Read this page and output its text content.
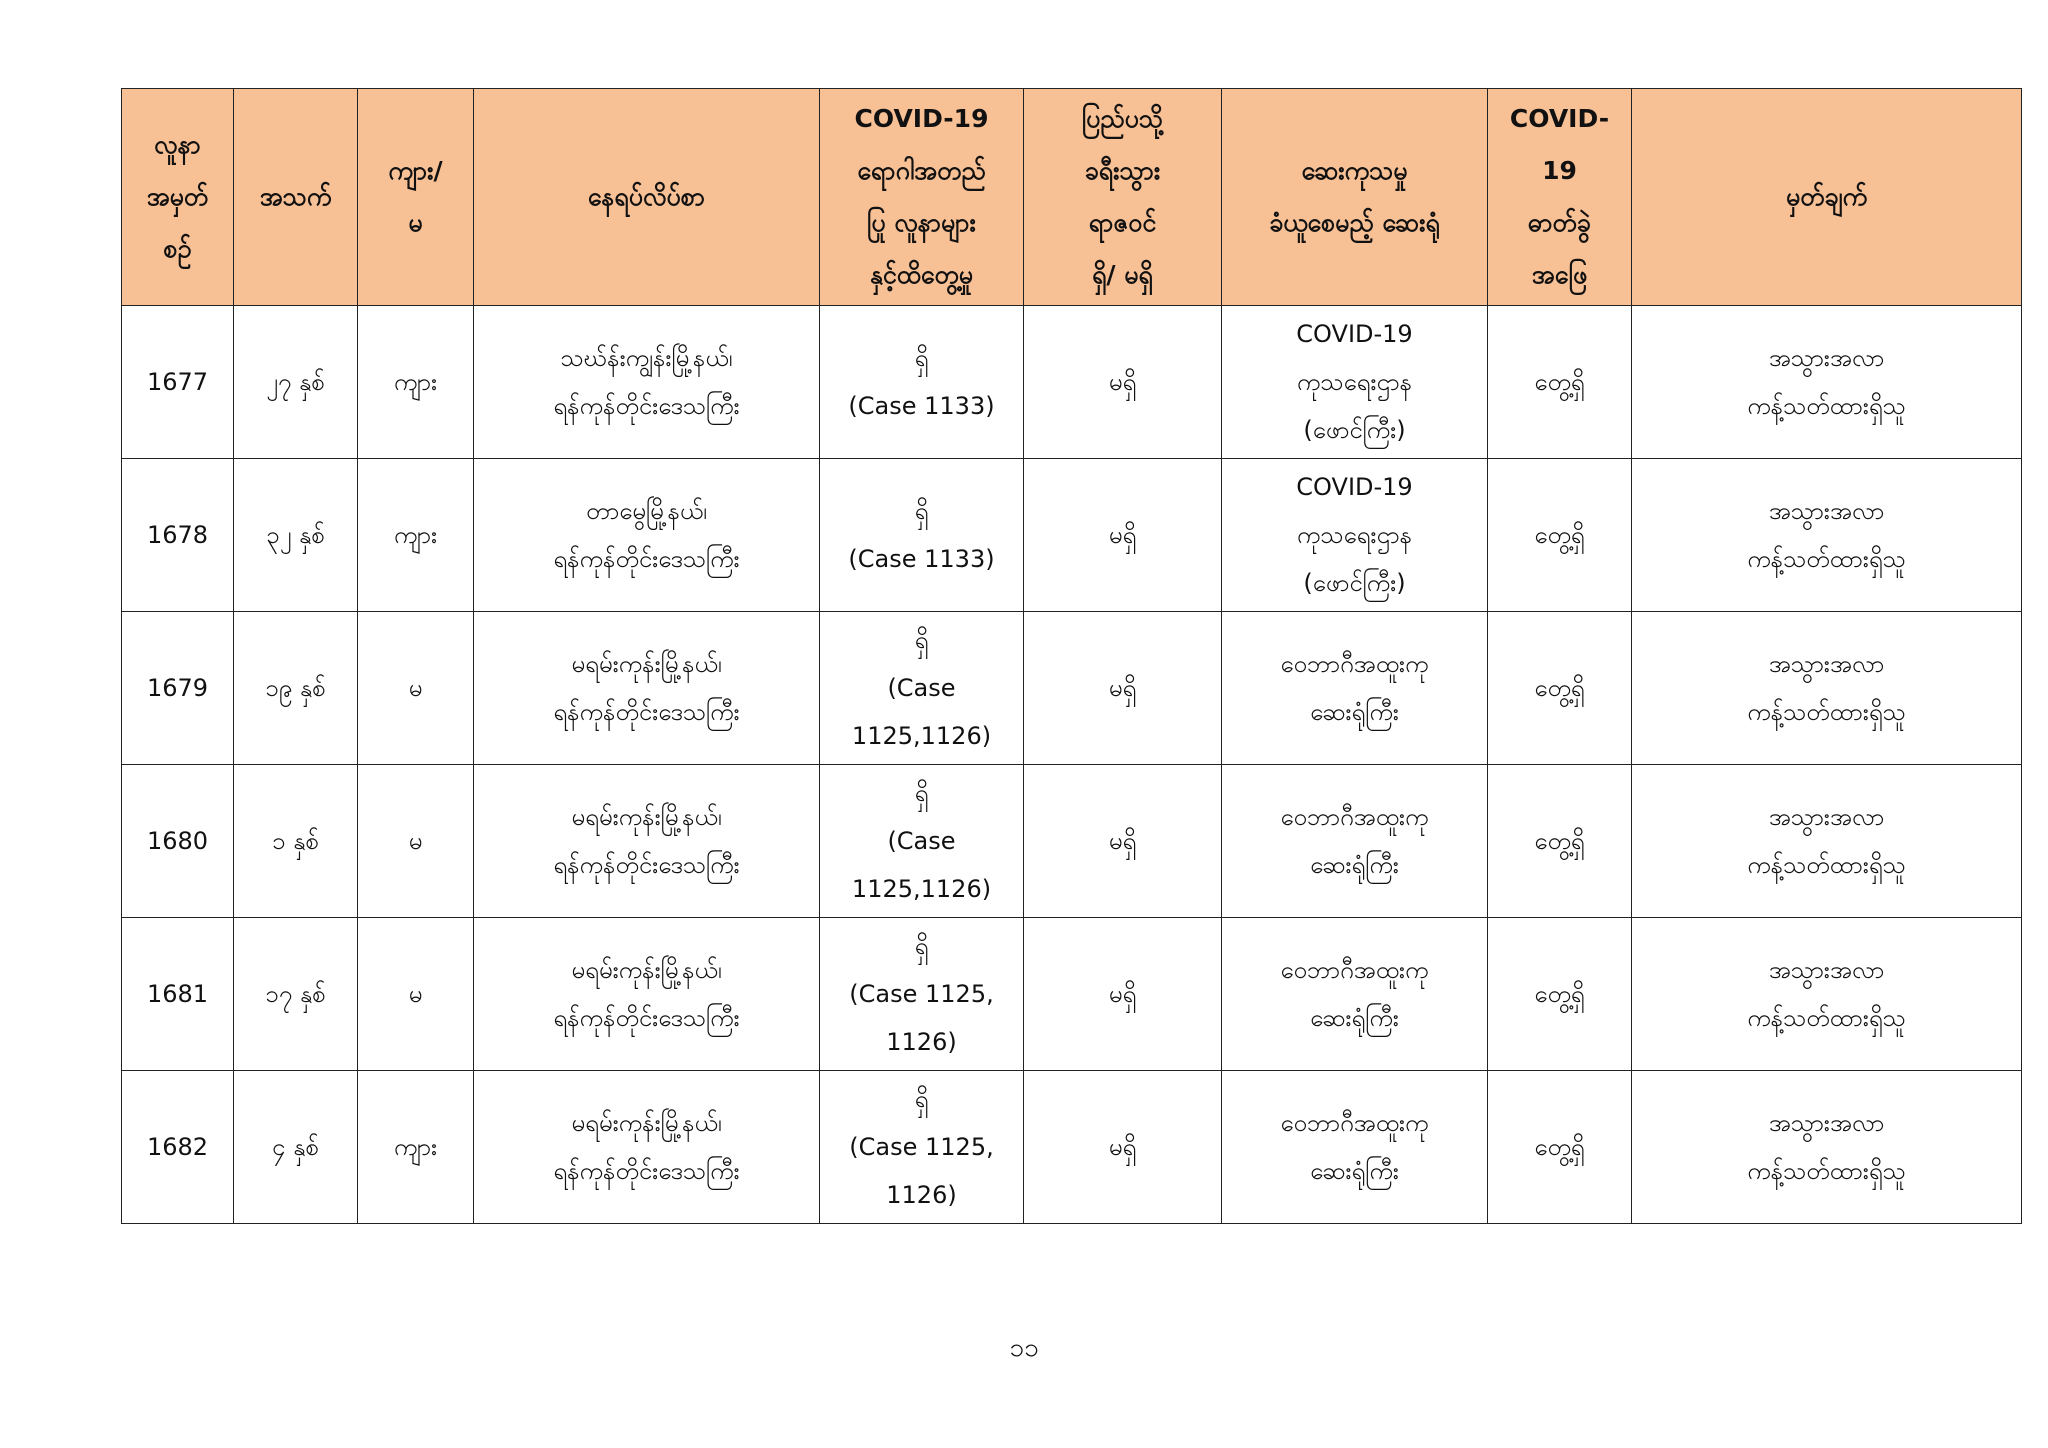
လူနာ
အမှတ်
စဉ်	အသက်	ကျား/
မ	နေရပ်လိပ်စာ	COVID-19
ရောဂါအတည်
ပြု လူနာများ
နှင့်ထိတွေ့မှု	ပြည်ပသို့
ခရီးသွား
ရာဇဝင်
ရှိ/ မရှိ	ဆေးကုသမှု
ခံယူစေမည့် ဆေးရုံ	COVID-
19
ဓာတ်ခွဲ
အဖြေ	မှတ်ချက်

1677	၂၇ နှစ်	ကျား	သဃ်န်းကျွန်းမြို့နယ်၊
ရန်ကုန်တိုင်းဒေသကြီး	ရှိ
(Case 1133)	မရှိ	COVID-19
ကုသရေးဌာန
(ဖောင်ကြီး)	တွေ့ရှိ	အသွားအလာ
ကန့်သတ်ထားရှိသူ

1678	၃၂ နှစ်	ကျား	တာမွေမြို့နယ်၊
ရန်ကုန်တိုင်းဒေသကြီး	ရှိ
(Case 1133)	မရှိ	COVID-19
ကုသရေးဌာန
(ဖောင်ကြီး)	တွေ့ရှိ	အသွားအလာ
ကန့်သတ်ထားရှိသူ

1679	၁၉ နှစ်	မ	မရမ်းကုန်းမြို့နယ်၊
ရန်ကုန်တိုင်းဒေသကြီး	ရှိ
(Case
1125,1126)	မရှိ	ဝေဘာဂီအထူးကု
ဆေးရုံကြီး	တွေ့ရှိ	အသွားအလာ
ကန့်သတ်ထားရှိသူ

1680	၁ နှစ်	မ	မရမ်းကုန်းမြို့နယ်၊
ရန်ကုန်တိုင်းဒေသကြီး	ရှိ
(Case
1125,1126)	မရှိ	ဝေဘာဂီအထူးကု
ဆေးရုံကြီး	တွေ့ရှိ	အသွားအလာ
ကန့်သတ်ထားရှိသူ

1681	၁၇ နှစ်	မ	မရမ်းကုန်းမြို့နယ်၊
ရန်ကုန်တိုင်းဒေသကြီး	ရှိ
(Case 1125,
1126)	မရှိ	ဝေဘာဂီအထူးကု
ဆေးရုံကြီး	တွေ့ရှိ	အသွားအလာ
ကန့်သတ်ထားရှိသူ

1682	၄ နှစ်	ကျား	မရမ်းကုန်းမြို့နယ်၊
ရန်ကုန်တိုင်းဒေသကြီး	ရှိ
(Case 1125,
1126)	မရှိ	ဝေဘာဂီအထူးကု
ဆေးရုံကြီး	တွေ့ရှိ	အသွားအလာ
ကန့်သတ်ထားရှိသူ
၁၁
